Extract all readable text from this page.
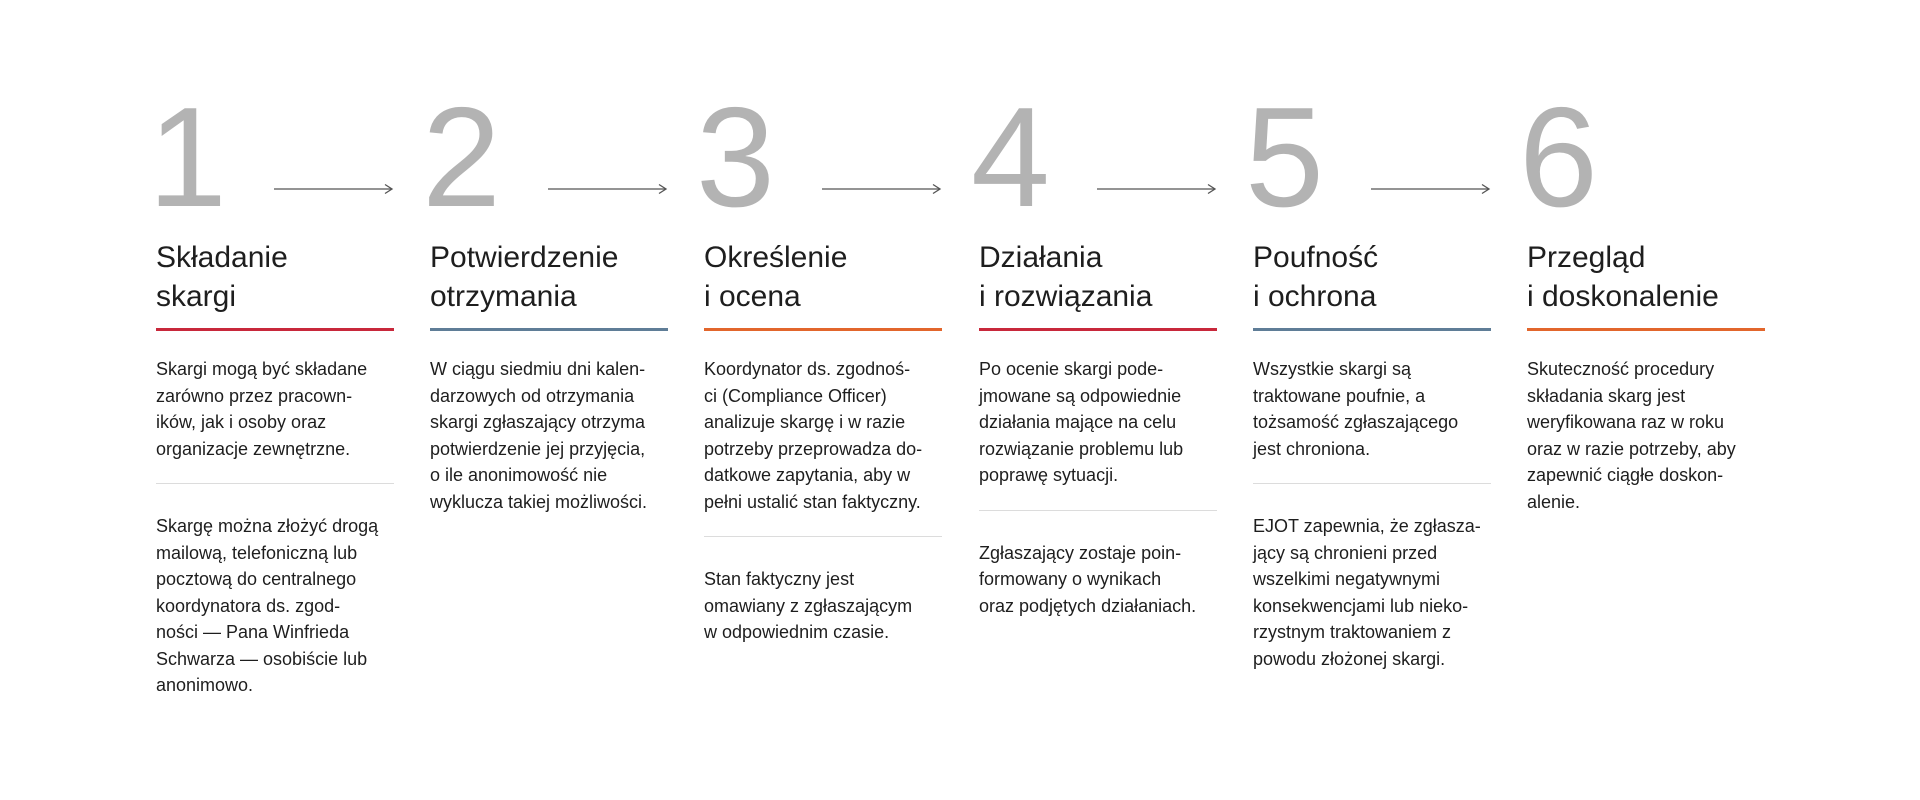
1
Składanie
skargi
Skargi mogą być składane
zarówno przez pracown-
ików, jak i osoby oraz
organizacje zewnętrzne.
Skargę można złożyć drogą
mailową, telefoniczną lub
pocztową do centralnego
koordynatora ds. zgod-
ności — Pana Winfrieda
Schwarza — osobiście lub
anonimowo.
2
Potwierdzenie
otrzymania
W ciągu siedmiu dni kalen-
darzowych od otrzymania
skargi zgłaszający otrzyma
potwierdzenie jej przyjęcia,
o ile anonimowość nie
wyklucza takiej możliwości.
3
Określenie
i ocena
Koordynator ds. zgodnoś-
ci (Compliance Officer)
analizuje skargę i w razie
potrzeby przeprowadza do-
datkowe zapytania, aby w
pełni ustalić stan faktyczny.
Stan faktyczny jest
omawiany z zgłaszającym
w odpowiednim czasie.
4
Działania
i rozwiązania
Po ocenie skargi pode-
jmowane są odpowiednie
działania mające na celu
rozwiązanie problemu lub
poprawę sytuacji.
Zgłaszający zostaje poin-
formowany o wynikach
oraz podjętych działaniach.
5
Poufność
i ochrona
Wszystkie skargi są
traktowane poufnie, a
tożsamość zgłaszającego
jest chroniona.
EJOT zapewnia, że zgłasza-
jący są chronieni przed
wszelkimi negatywnymi
konsekwencjami lub nieko-
rzystnym traktowaniem z
powodu złożonej skargi.
6
Przegląd
i doskonalenie
Skuteczność procedury
składania skarg jest
weryfikowana raz w roku
oraz w razie potrzeby, aby
zapewnić ciągłe doskon-
alenie.
